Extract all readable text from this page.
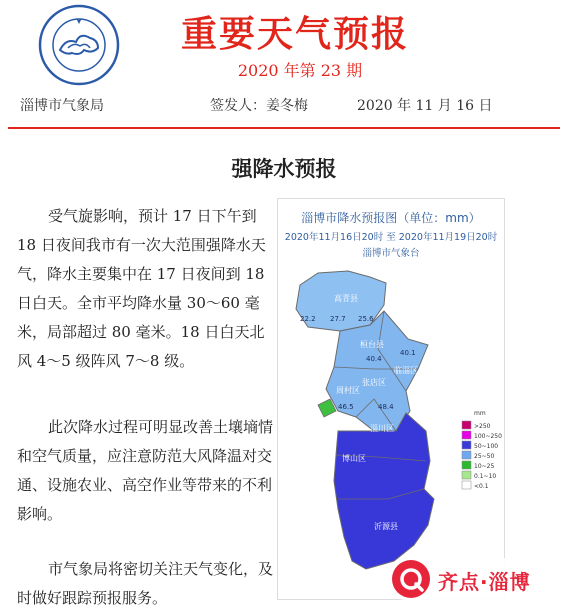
重要天气预报
2020 年第 23 期
淄博市气象局	签发人：姜冬梅	2020 年 11 月 16 日
强降水预报
受气旋影响，预计 17 日下午到 18 日夜间我市有一次大范围强降水天气，降水主要集中在 17 日夜间到 18 日白天。全市平均降水量 30～60 毫米，局部超过 80 毫米。18 日白天北风 4～5 级阵风 7～8 级。
此次降水过程可明显改善土壤墒情和空气质量，应注意防范大风降温对交通、设施农业、高空作业等带来的不利影响。
市气象局将密切关注天气变化，及时做好跟踪预报服务。
淄博市降水预报图（单位：mm）
2020年11月16日20时 至 2020年11月19日20时
淄博市气象台
高青县
桓台县
周村区
张店区
临淄区
淄川区
博山区
沂源县
22.2 27.7 25.6
40.1
40.4
46.5	48.4
mm
>250
100~250
50~100
25~50
10~25
0.1~10
<0.1
齐点·淄博
